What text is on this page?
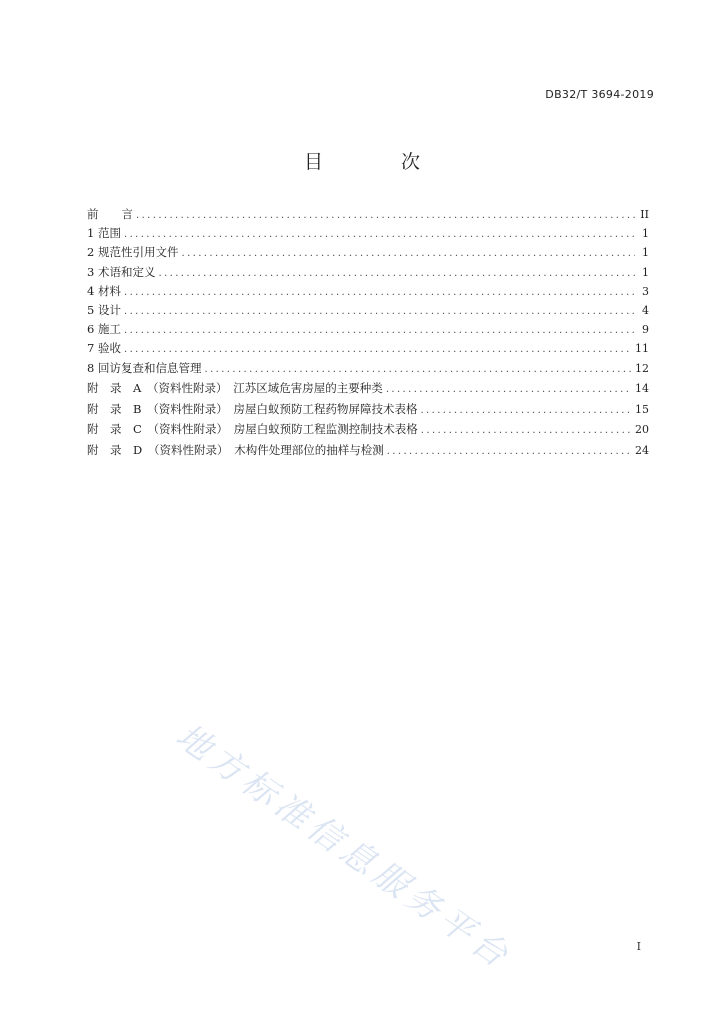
DB32/T 3694-2019
目 次
前　　言 .....	II
1 范围 .....	1
2 规范性引用文件 .....	1
3 术语和定义 .....	1
4 材料 .....	3
5 设计 .....	4
6 施工 .....	9
7 验收 .....	11
8 回访复查和信息管理 .....	12
附　录　A　（资料性附录）　江苏区域危害房屋的主要种类 .....	14
附　录　B　（资料性附录）　房屋白蚁预防工程药物屏障技术表格 .....	15
附　录　C　（资料性附录）　房屋白蚁预防工程监测控制技术表格 .....	20
附　录　D　（资料性附录）　木构件处理部位的抽样与检测 .....	24
地方标准信息服务平台	I
